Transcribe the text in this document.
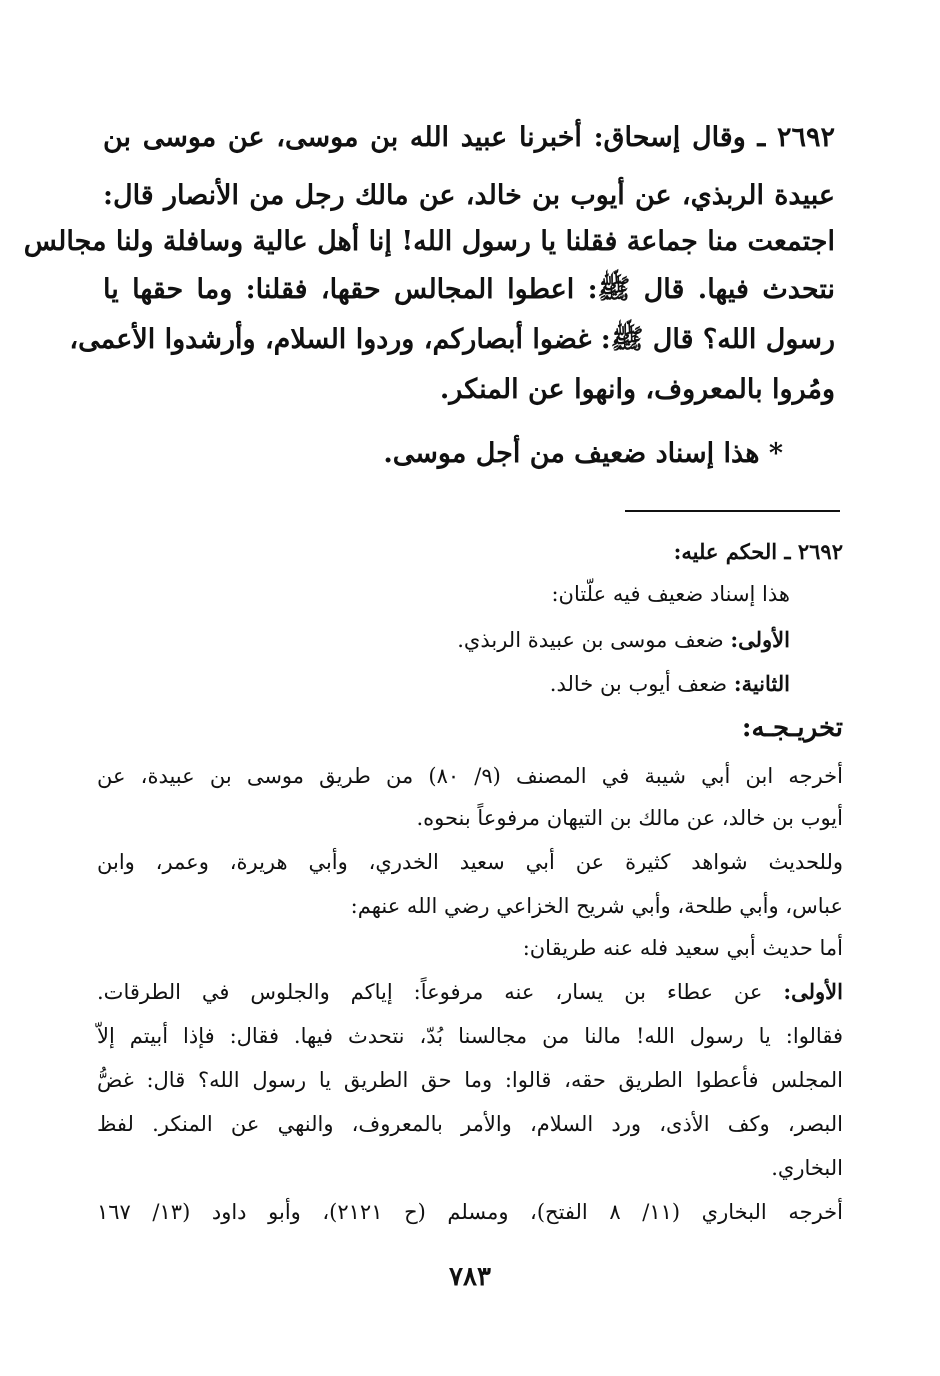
٢٦٩٢ ـ وقال إسحاق: أخبرنا عبيد الله بن موسى، عن موسى بن
عبيدة الربذي، عن أيوب بن خالد، عن مالك رجل من الأنصار قال:
اجتمعت منا جماعة فقلنا يا رسول الله! إنا أهل عالية وسافلة ولنا مجالس
نتحدث فيها. قال ﷺ: اعطوا المجالس حقها، فقلنا: وما حقها يا
رسول الله؟ قال ﷺ: غضوا أبصاركم، وردوا السلام، وأرشدوا الأعمى،
ومُروا بالمعروف، وانهوا عن المنكر.
* هذا إسناد ضعيف من أجل موسى.
٢٦٩٢ ـ الحكم عليه:
هذا إسناد ضعيف فيه علّتان:
الأولى: ضعف موسى بن عبيدة الربذي.
الثانية: ضعف أيوب بن خالد.
تخريـجـه:
أخرجه ابن أبي شيبة في المصنف (٩/ ٨٠) من طريق موسى بن عبيدة، عن
أيوب بن خالد، عن مالك بن التيهان مرفوعاً بنحوه.
وللحديث شواهد كثيرة عن أبي سعيد الخدري، وأبي هريرة، وعمر، وابن
عباس، وأبي طلحة، وأبي شريح الخزاعي رضي الله عنهم:
أما حديث أبي سعيد فله عنه طريقان:
الأولى: عن عطاء بن يسار، عنه مرفوعاً: إياكم والجلوس في الطرقات.
فقالوا: يا رسول الله! مالنا من مجالسنا بُدّ، نتحدث فيها. فقال: فإذا أبيتم إلاّ
المجلس فأعطوا الطريق حقه، قالوا: وما حق الطريق يا رسول الله؟ قال: غضُّ
البصر، وكف الأذى، ورد السلام، والأمر بالمعروف، والنهي عن المنكر. لفظ
البخاري.
أخرجه البخاري (١١/ ٨ الفتح)، ومسلم (ح ٢١٢١)، وأبو داود (١٣/ ١٦٧
٧٨٣
